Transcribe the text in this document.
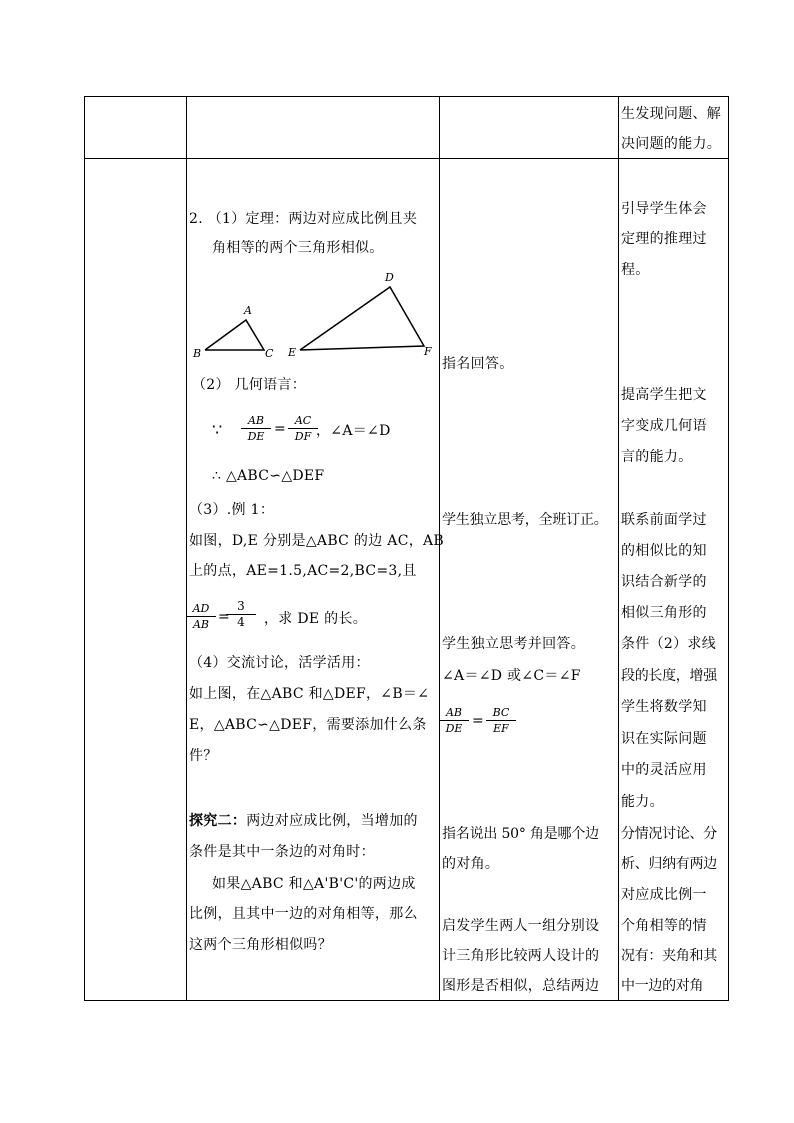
生发现问题、解
决问题的能力。
2. （1）定理：两边对应成比例且夹
角相等的两个三角形相似。
A
B	C
D
E	F
（2） 几何语言：
∵ $\frac{AB}{DE} = \frac{AC}{DF}$
，∠A＝∠D
∴ △ABC∽△DEF
（3）.例 1：
如图，D,E 分别是△ABC 的边 AC，AB
上的点，AE=1.5,AC=2,BC=3,且
$\frac{AD}{AB}$ =
$\frac{3}{4}$ ，求 DE 的长。
（4）交流讨论，活学活用：
如上图，在△ABC 和△DEF，∠B＝∠
E，△ABC∽△DEF，需要添加什么条
件？
探究二：两边对应成比例，当增加的
条件是其中一条边的对角时：
如果△ABC 和△A'B'C'的两边成
比例，且其中一边的对角相等，那么
这两个三角形相似吗？
指名回答。
学生独立思考，全班订正。
学生独立思考并回答。
∠A＝∠D 或∠C＝∠F
$\frac{AB}{DE} = \frac{BC}{EF}$
指名说出 50° 角是哪个边
的对角。
启发学生两人一组分别设
计三角形比较两人设计的
图形是否相似，总结两边
引导学生体会
定理的推理过
程。
提高学生把文
字变成几何语
言的能力。
联系前面学过
的相似比的知
识结合新学的
相似三角形的
条件（2）求线
段的长度，增强
学生将数学知
识在实际问题
中的灵活应用
能力。
分情况讨论、分
析、归纳有两边
对应成比例一
个角相等的情
况有：夹角和其
中一边的对角
